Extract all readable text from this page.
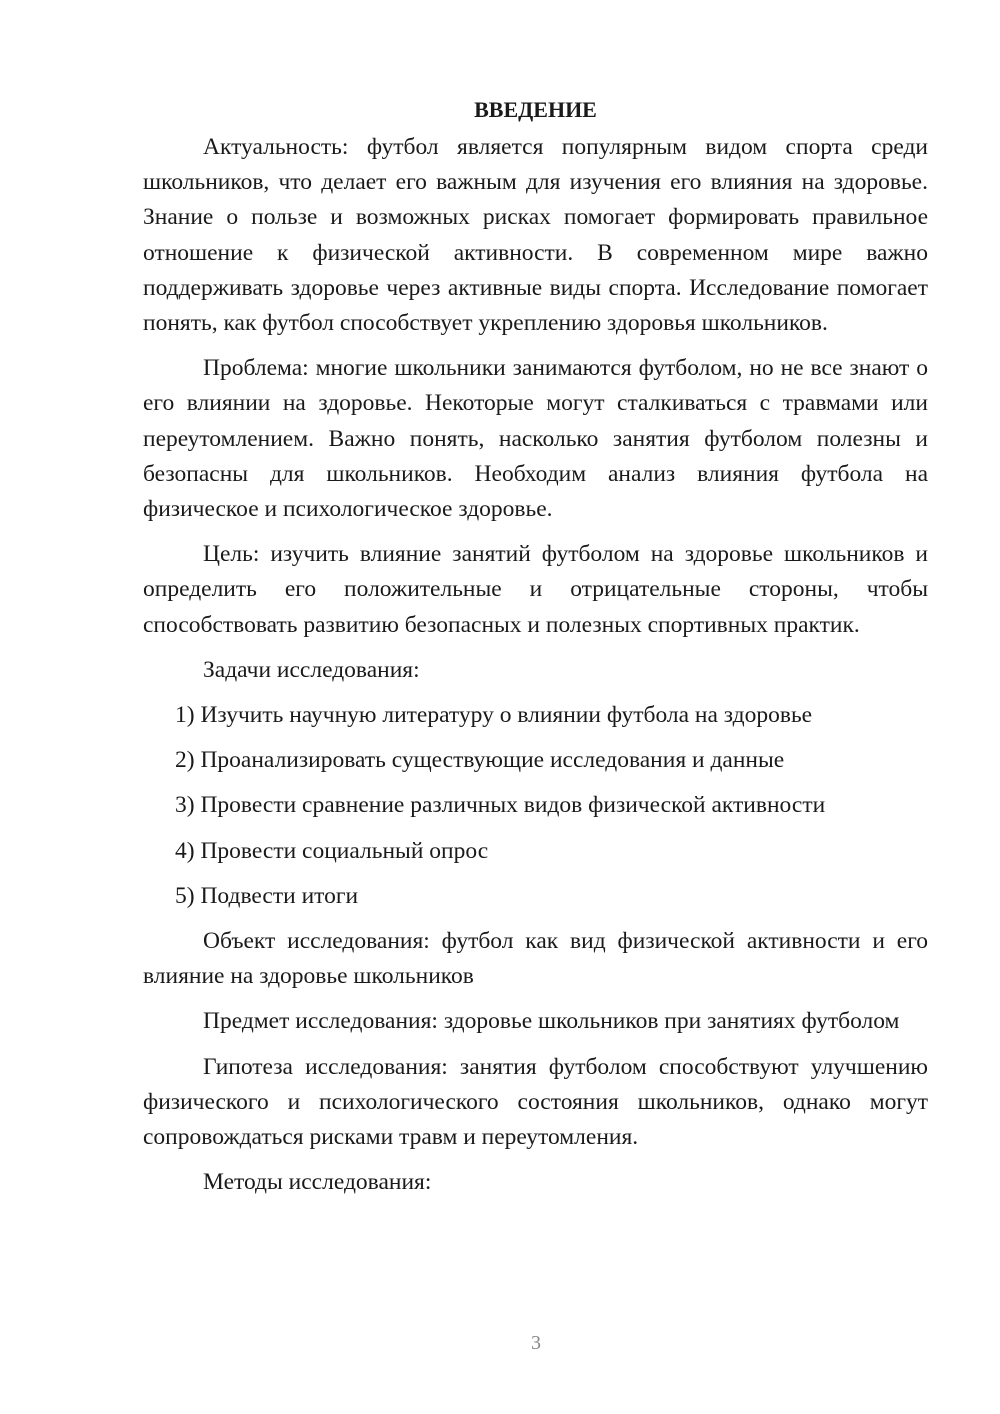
ВВЕДЕНИЕ

Актуальность: футбол является популярным видом спорта среди школьников, что делает его важным для изучения его влияния на здоровье. Знание о пользе и возможных рисках помогает формировать правильное отношение к физической активности. В современном мире важно поддерживать здоровье через активные виды спорта. Исследование помогает понять, как футбол способствует укреплению здоровья школьников.

Проблема: многие школьники занимаются футболом, но не все знают о его влиянии на здоровье. Некоторые могут сталкиваться с травмами или переутомлением. Важно понять, насколько занятия футболом полезны и безопасны для школьников. Необходим анализ влияния футбола на физическое и психологическое здоровье.

Цель: изучить влияние занятий футболом на здоровье школьников и определить его положительные и отрицательные стороны, чтобы способствовать развитию безопасных и полезных спортивных практик.

Задачи исследования:

1) Изучить научную литературу о влиянии футбола на здоровье
2) Проанализировать существующие исследования и данные
3) Провести сравнение различных видов физической активности
4) Провести социальный опрос
5) Подвести итоги

Объект исследования: футбол как вид физической активности и его влияние на здоровье школьников

Предмет исследования: здоровье школьников при занятиях футболом

Гипотеза исследования: занятия футболом способствуют улучшению физического и психологического состояния школьников, однако могут сопровождаться рисками травм и переутомления.

Методы исследования:

3
